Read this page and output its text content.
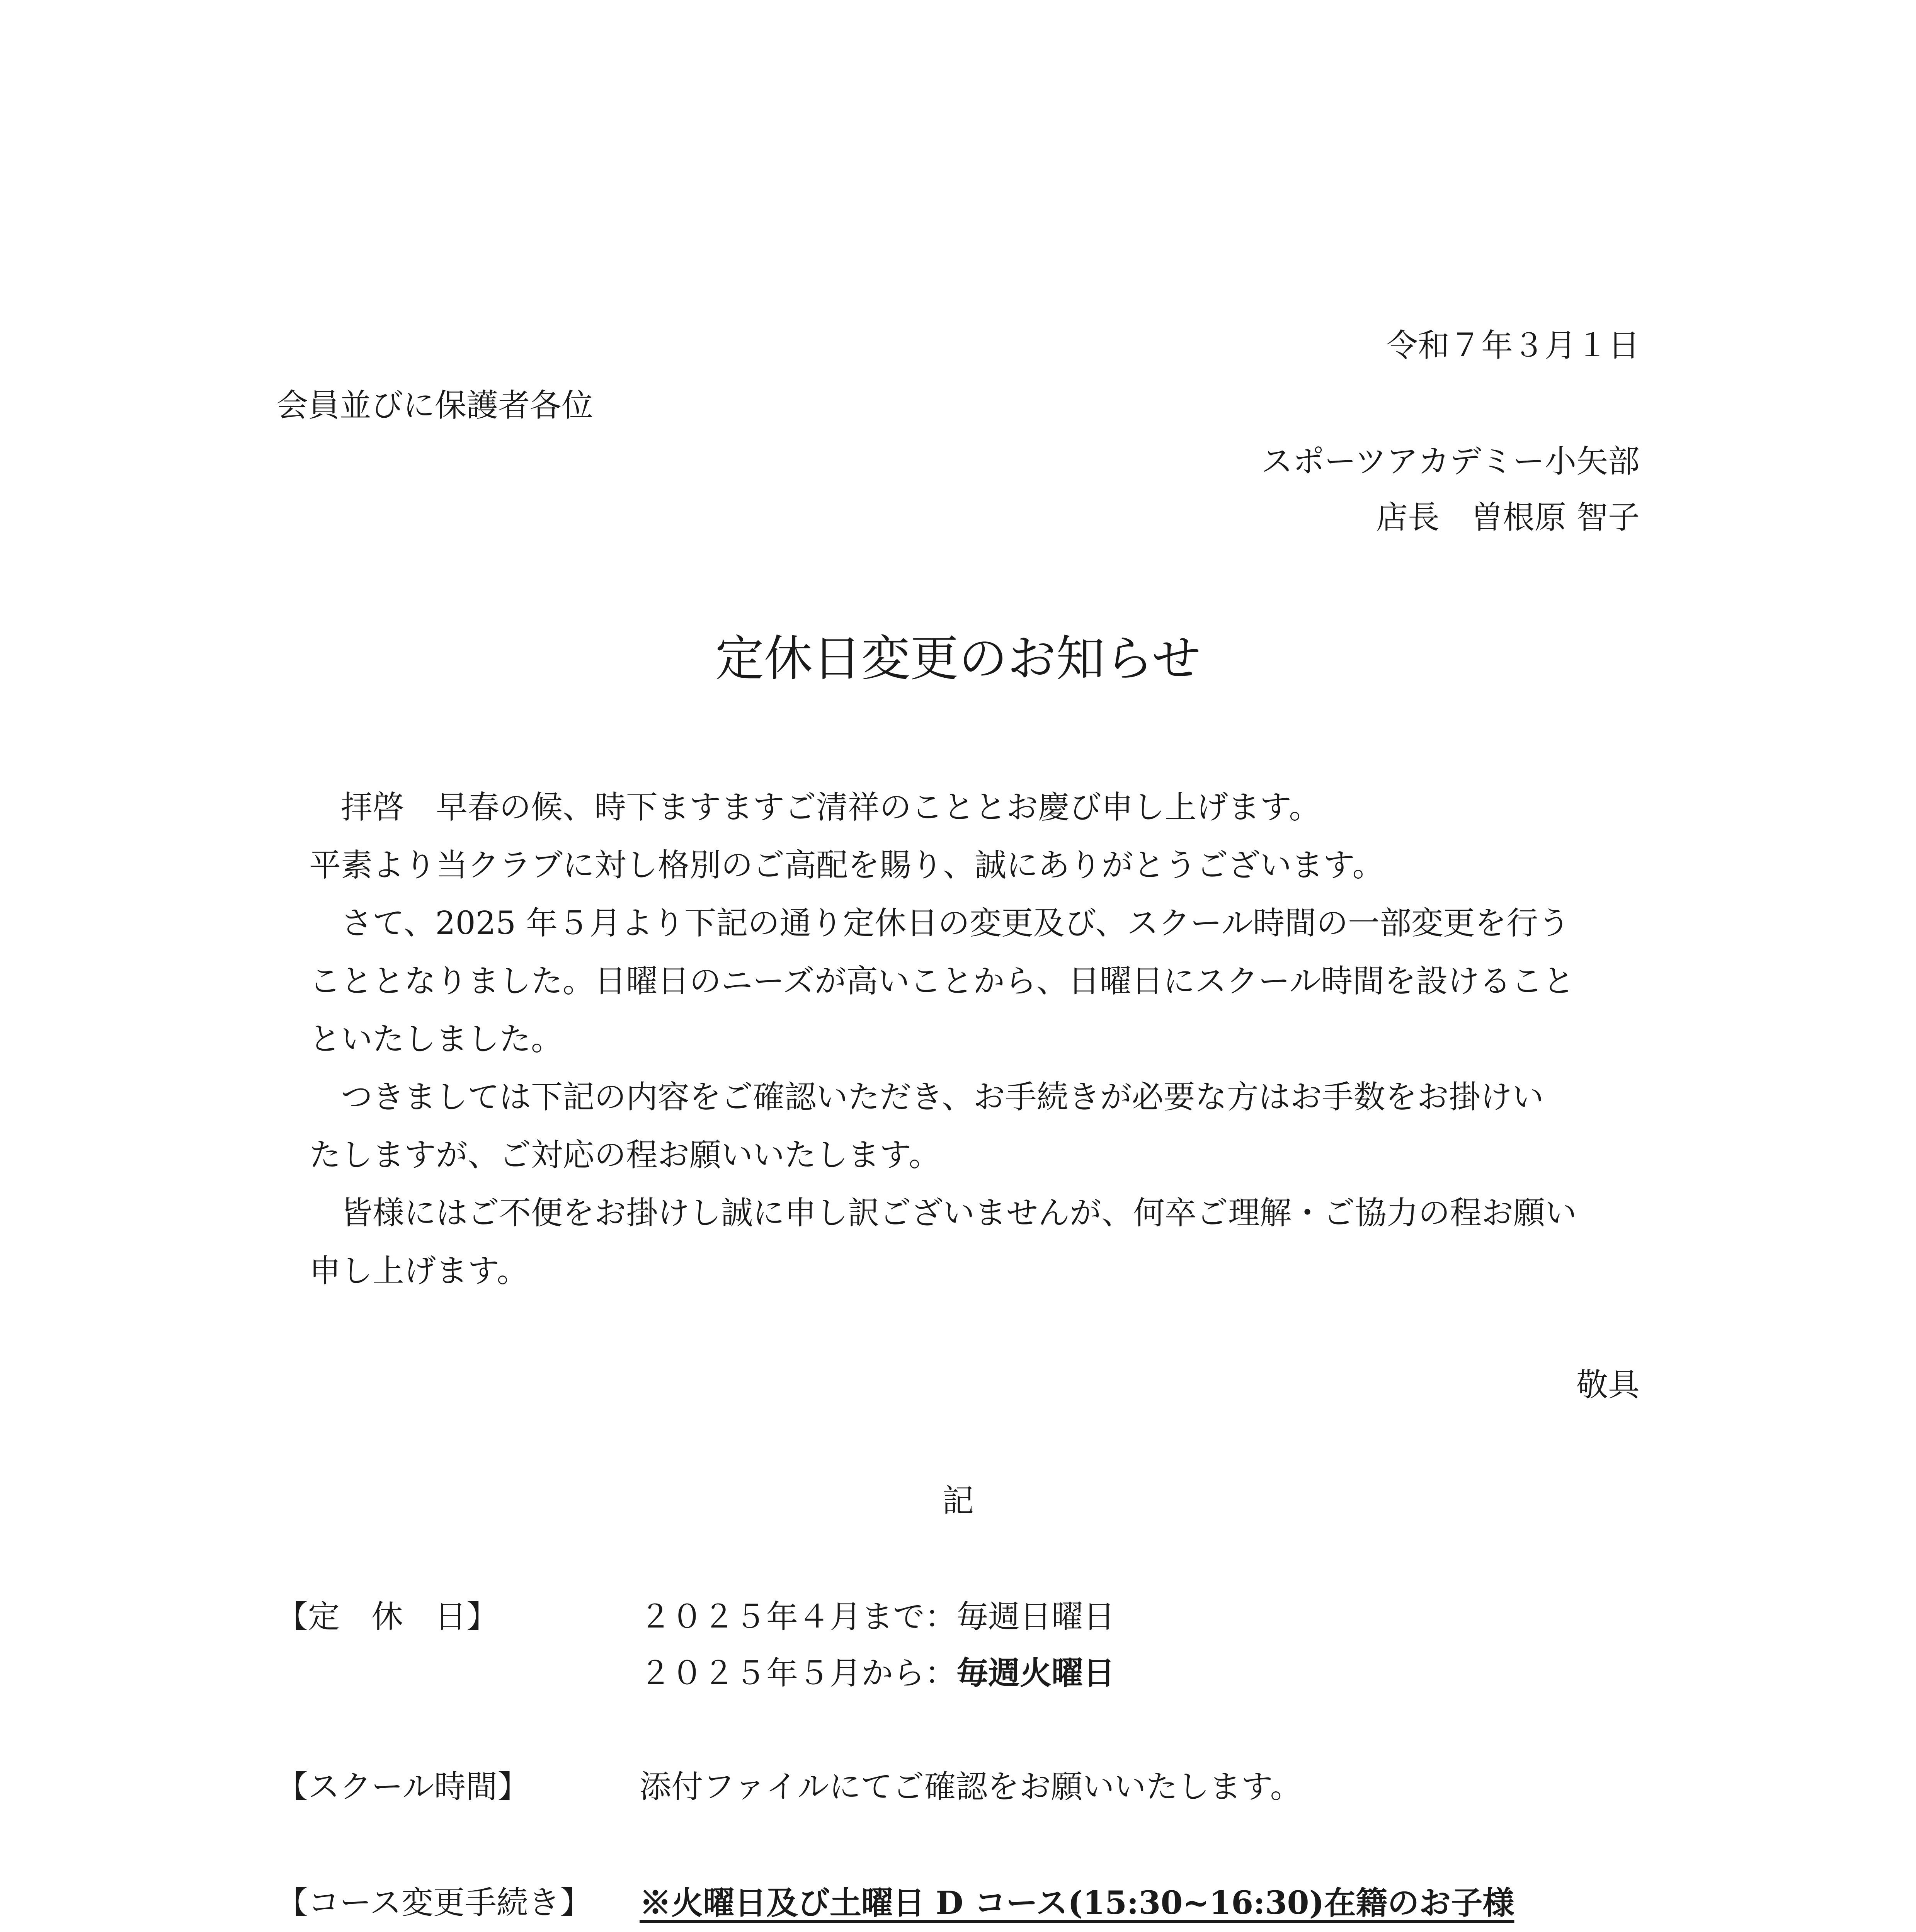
令和７年３月１日

会員並びに保護者各位

スポーツアカデミー小矢部

店長　曽根原 智子

定休日変更のお知らせ

拝啓　早春の候、時下ますますご清祥のこととお慶び申し上げます。

平素より当クラブに対し格別のご高配を賜り、誠にありがとうございます。

さて、2025 年５月より下記の通り定休日の変更及び、スクール時間の一部変更を行う

こととなりました。日曜日のニーズが高いことから、日曜日にスクール時間を設けること

といたしました。

つきましては下記の内容をご確認いただき、お手続きが必要な方はお手数をお掛けい

たしますが、ご対応の程お願いいたします。

皆様にはご不便をお掛けし誠に申し訳ございませんが、何卒ご理解・ご協力の程お願い

申し上げます。

敬具

記

【定　休　日】	２０２５年４月まで：毎週日曜日

２０２５年５月から：毎週火曜日

【スクール時間】	添付ファイルにてご確認をお願いいたします。

【コース変更手続き】 ※火曜日及び土曜日 D コース(15:30~16:30)在籍のお子様
